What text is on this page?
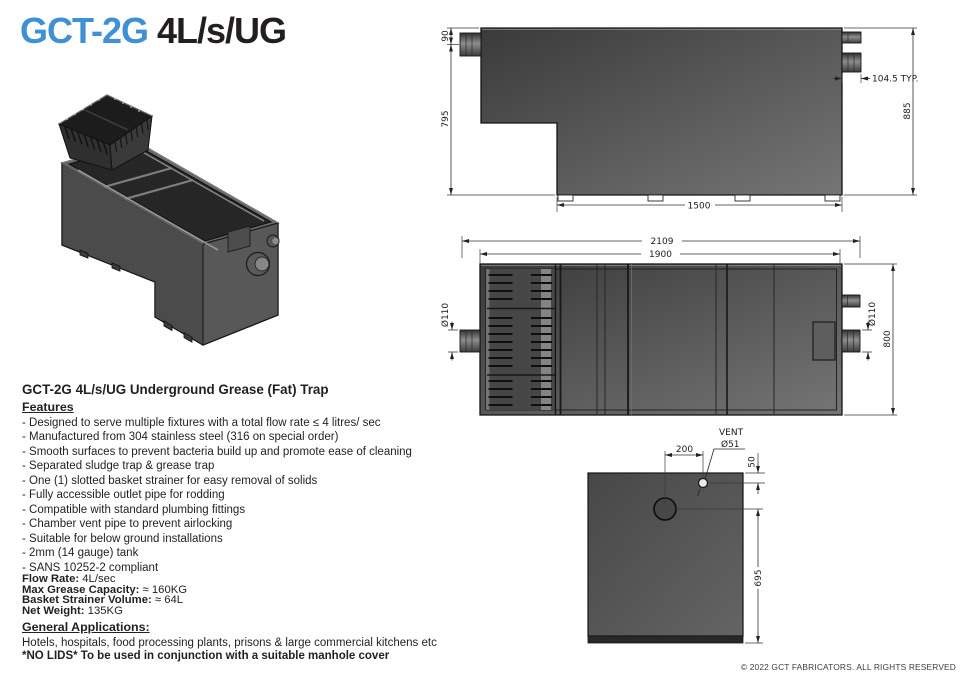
GCT-2G 4L/s/UG	90
795	885
104.5 TYP.
1500
2109
1900
Ø110	Ø110
800
VENT
Ø51
200
50
695
GCT-2G 4L/s/UG Underground Grease (Fat) Trap
Features
- Designed to serve multiple fixtures with a total flow rate ≤ 4 litres/ sec
- Manufactured from 304 stainless steel (316 on special order)
- Smooth surfaces to prevent bacteria build up and promote ease of cleaning
- Separated sludge trap & grease trap
- One (1) slotted basket strainer for easy removal of solids
- Fully accessible outlet pipe for rodding
- Compatible with standard plumbing fittings
- Chamber vent pipe to prevent airlocking
- Suitable for below ground installations
- 2mm (14 gauge) tank
- SANS 10252-2 compliant
Flow Rate: 4L/sec
Max Grease Capacity: ≈ 160KG
Basket Strainer Volume: ≈ 64L
Net Weight: 135KG
General Applications:
Hotels, hospitals, food processing plants, prisons & large commercial kitchens etc
*NO LIDS* To be used in conjunction with a suitable manhole cover
© 2022 GCT FABRICATORS. ALL RIGHTS RESERVED
